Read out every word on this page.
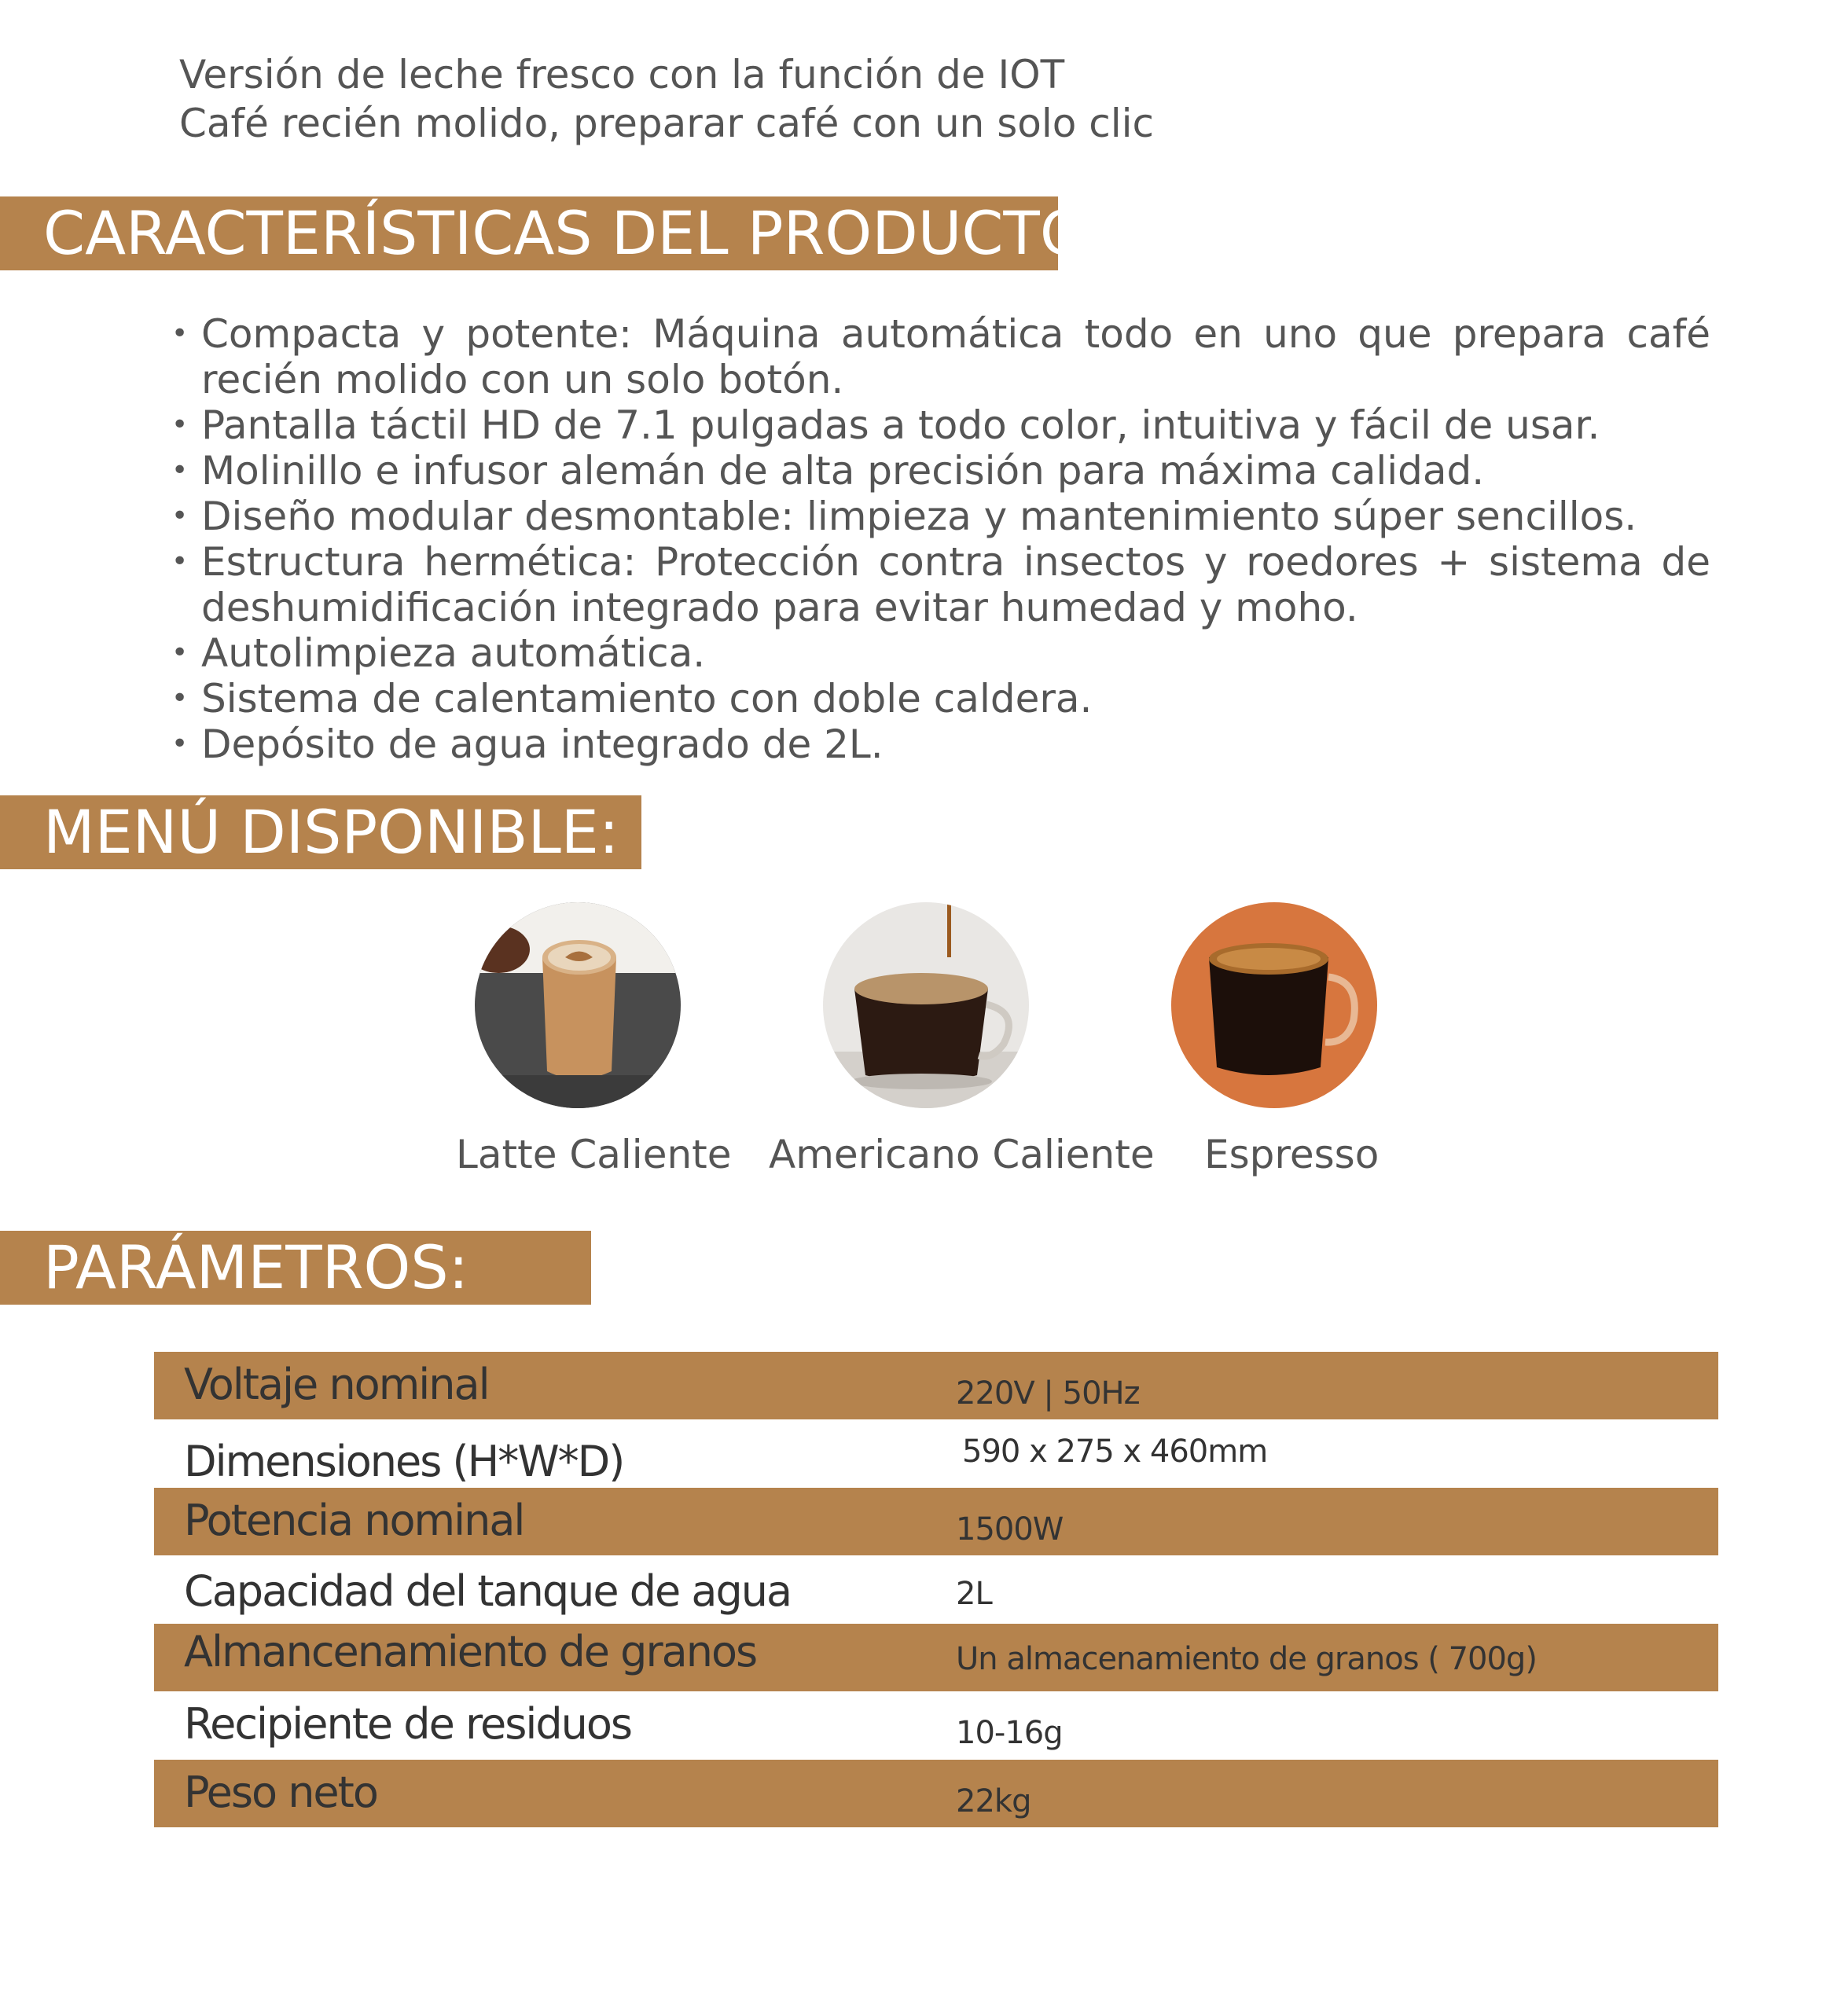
Versión de leche fresco con la función de IOT
Café recién molido, preparar café con un solo clic
CARACTERÍSTICAS DEL PRODUCTO:
• Compacta y potente: Máquina automática todo en uno que prepara café recién molido con un solo botón.
• Pantalla táctil HD de 7.1 pulgadas a todo color, intuitiva y fácil de usar.
• Molinillo e infusor alemán de alta precisión para máxima calidad.
• Diseño modular desmontable: limpieza y mantenimiento súper sencillos.
• Estructura hermética: Protección contra insectos y roedores + sistema de deshumidificación integrado para evitar humedad y moho.
• Autolimpieza automática.
• Sistema de calentamiento con doble caldera.
• Depósito de agua integrado de 2L.
MENÚ DISPONIBLE:
Latte Caliente Americano Caliente Espresso
PARÁMETROS:
Voltaje nominal	220V | 50Hz
Dimensiones (H*W*D)	590 x 275 x 460mm
Potencia nominal	1500W
Capacidad del tanque de agua	2L
Almancenamiento de granos	Un almacenamiento de granos ( 700g)
Recipiente de residuos	10-16g
Peso neto	22kg
